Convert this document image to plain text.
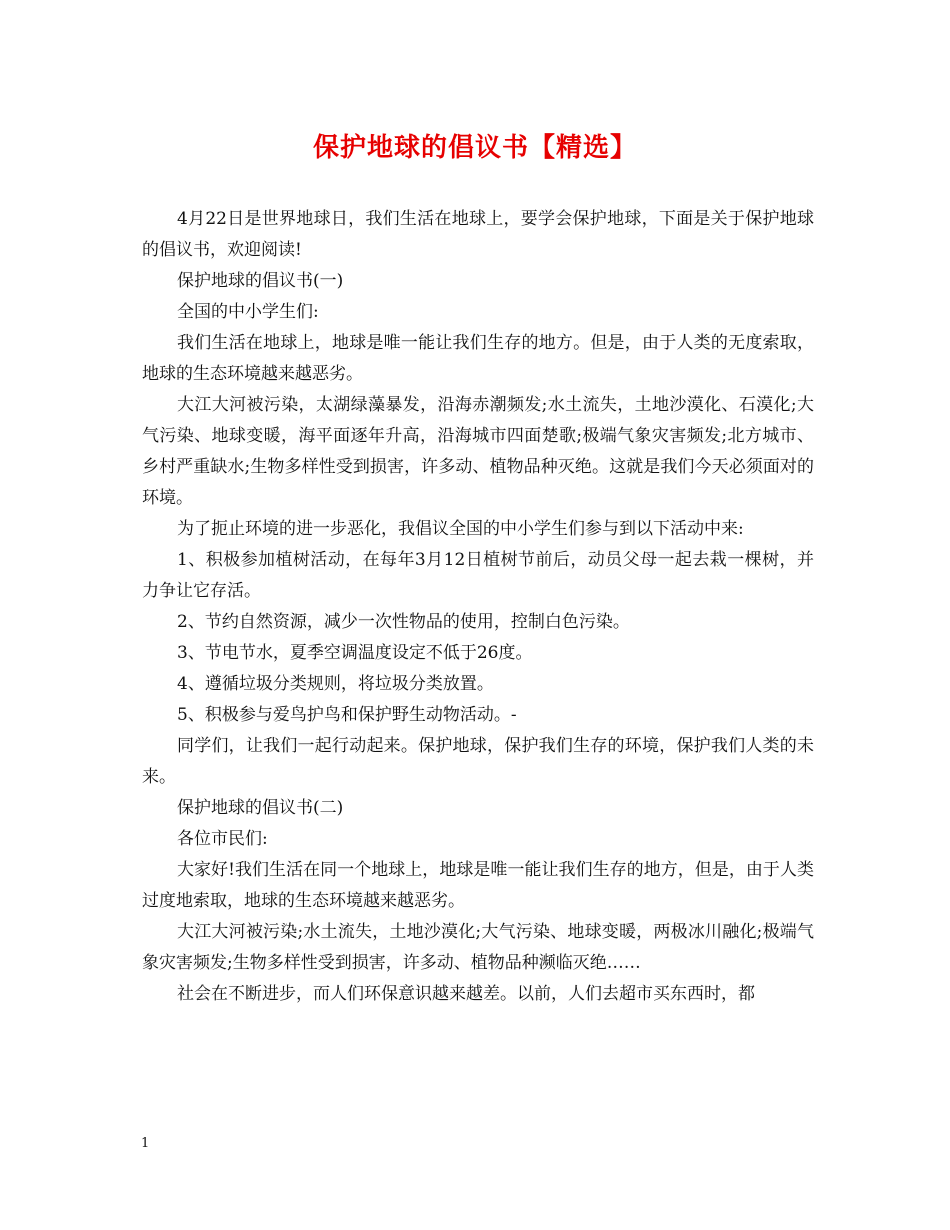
保护地球的倡议书【精选】

4月22日是世界地球日，我们生活在地球上，要学会保护地球，下面是关于保护地球的倡议书，欢迎阅读!

保护地球的倡议书(一)

全国的中小学生们:

我们生活在地球上，地球是唯一能让我们生存的地方。但是，由于人类的无度索取，地球的生态环境越来越恶劣。

大江大河被污染，太湖绿藻暴发，沿海赤潮频发;水土流失，土地沙漠化、石漠化;大气污染、地球变暖，海平面逐年升高，沿海城市四面楚歌;极端气象灾害频发;北方城市、乡村严重缺水;生物多样性受到损害，许多动、植物品种灭绝。这就是我们今天必须面对的环境。

为了扼止环境的进一步恶化，我倡议全国的中小学生们参与到以下活动中来:

1、积极参加植树活动，在每年3月12日植树节前后，动员父母一起去栽一棵树，并力争让它存活。

2、节约自然资源，减少一次性物品的使用，控制白色污染。

3、节电节水，夏季空调温度设定不低于26度。

4、遵循垃圾分类规则，将垃圾分类放置。

5、积极参与爱鸟护鸟和保护野生动物活动。-

同学们，让我们一起行动起来。保护地球，保护我们生存的环境，保护我们人类的未来。

保护地球的倡议书(二)

各位市民们:

大家好!我们生活在同一个地球上，地球是唯一能让我们生存的地方，但是，由于人类过度地索取，地球的生态环境越来越恶劣。

大江大河被污染;水土流失，土地沙漠化;大气污染、地球变暖，两极冰川融化;极端气象灾害频发;生物多样性受到损害，许多动、植物品种濒临灭绝……

社会在不断进步，而人们环保意识越来越差。以前，人们去超市买东西时，都

1
